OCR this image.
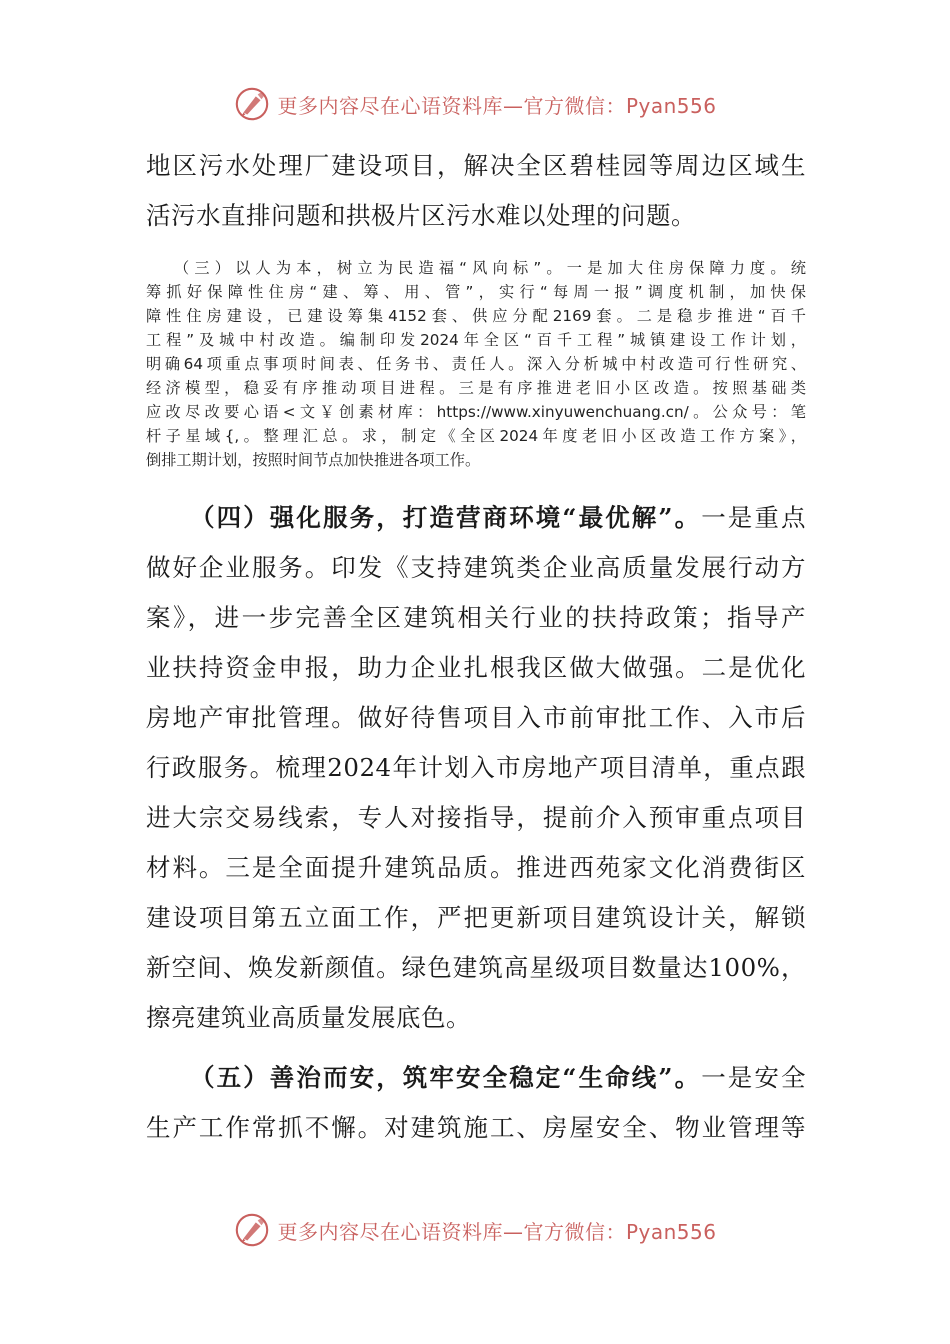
更多内容尽在心语资料库—官方微信：Pyan556
地区污水处理厂建设项目，解决全区碧桂园等周边区域生
活污水直排问题和拱极片区污水难以处理的问题。
（三）以人为本，树立为民造福“风向标”。一是加大住房保障力度。统
筹抓好保障性住房“建、筹、用、管”，实行“每周一报”调度机制，加快保
障性住房建设，已建设筹集4152套、供应分配2169套。二是稳步推进“百千
工程”及城中村改造。编制印发2024年全区“百千工程”城镇建设工作计划，
明确64项重点事项时间表、任务书、责任人。深入分析城中村改造可行性研究、
经济模型，稳妥有序推动项目进程。三是有序推进老旧小区改造。按照基础类
应改尽改要心语<文￥创素材库：https://www.xinyuwenchuang.cn/。公众号：笔
杆子星域{,。整理汇总。求，制定《全区2024年度老旧小区改造工作方案》，
倒排工期计划，按照时间节点加快推进各项工作。
（四）强化服务，打造营商环境“最优解”。一是重点
做好企业服务。印发《支持建筑类企业高质量发展行动方
案》，进一步完善全区建筑相关行业的扶持政策；指导产
业扶持资金申报，助力企业扎根我区做大做强。二是优化
房地产审批管理。做好待售项目入市前审批工作、入市后
行政服务。梳理2024年计划入市房地产项目清单，重点跟
进大宗交易线索，专人对接指导，提前介入预审重点项目
材料。三是全面提升建筑品质。推进西苑家文化消费街区
建设项目第五立面工作，严把更新项目建筑设计关，解锁
新空间、焕发新颜值。绿色建筑高星级项目数量达100%，
擦亮建筑业高质量发展底色。
（五）善治而安，筑牢安全稳定“生命线”。一是安全
生产工作常抓不懈。对建筑施工、房屋安全、物业管理等
更多内容尽在心语资料库—官方微信：Pyan556
